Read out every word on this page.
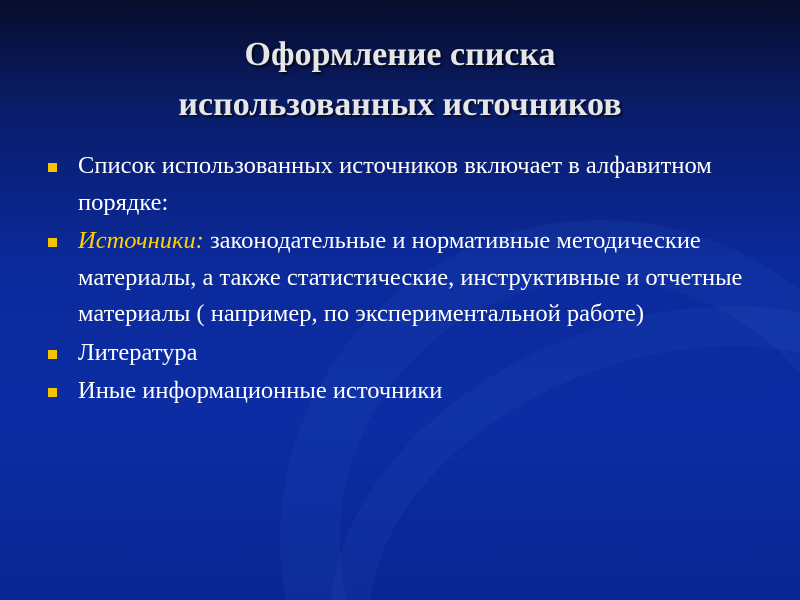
Оформление списка
использованных источников
Список использованных источников включает в алфавитном порядке:
Источники: законодательные и нормативные методические материалы, а также статистические, инструктивные и отчетные материалы ( например, по экспериментальной работе)
Литература
Иные информационные источники
